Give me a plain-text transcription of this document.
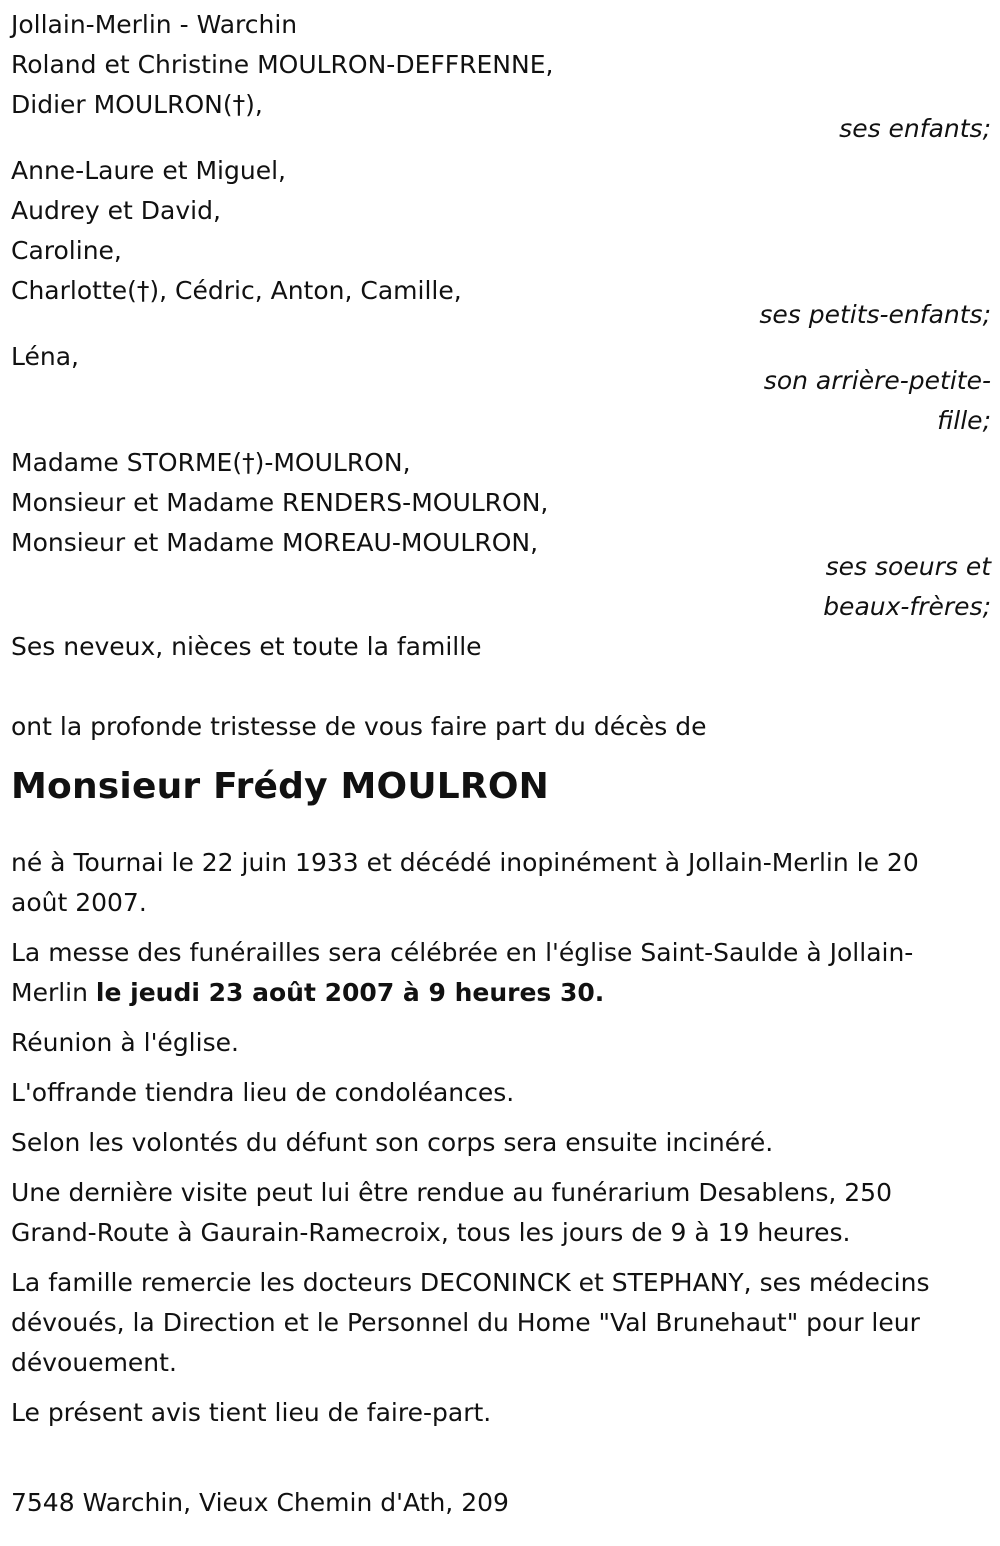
Jollain-Merlin - Warchin
Roland et Christine MOULRON-DEFFRENNE,
Didier MOULRON(†),
ses enfants;
Anne-Laure et Miguel,
Audrey et David,
Caroline,
Charlotte(†), Cédric, Anton, Camille,
ses petits-enfants;
Léna,
son arrière-petite-
fille;
Madame STORME(†)-MOULRON,
Monsieur et Madame RENDERS-MOULRON,
Monsieur et Madame MOREAU-MOULRON,
ses soeurs et
beaux-frères;
Ses neveux, nièces et toute la famille
ont la profonde tristesse de vous faire part du décès de
Monsieur Frédy MOULRON
né à Tournai le 22 juin 1933 et décédé inopinément à Jollain-Merlin le 20
août 2007.
La messe des funérailles sera célébrée en l'église Saint-Saulde à Jollain-
Merlin le jeudi 23 août 2007 à 9 heures 30.
Réunion à l'église.
L'offrande tiendra lieu de condoléances.
Selon les volontés du défunt son corps sera ensuite incinéré.
Une dernière visite peut lui être rendue au funérarium Desablens, 250
Grand-Route à Gaurain-Ramecroix, tous les jours de 9 à 19 heures.
La famille remercie les docteurs DECONINCK et STEPHANY, ses médecins
dévoués, la Direction et le Personnel du Home "Val Brunehaut" pour leur
dévouement.
Le présent avis tient lieu de faire-part.
7548 Warchin, Vieux Chemin d'Ath, 209
